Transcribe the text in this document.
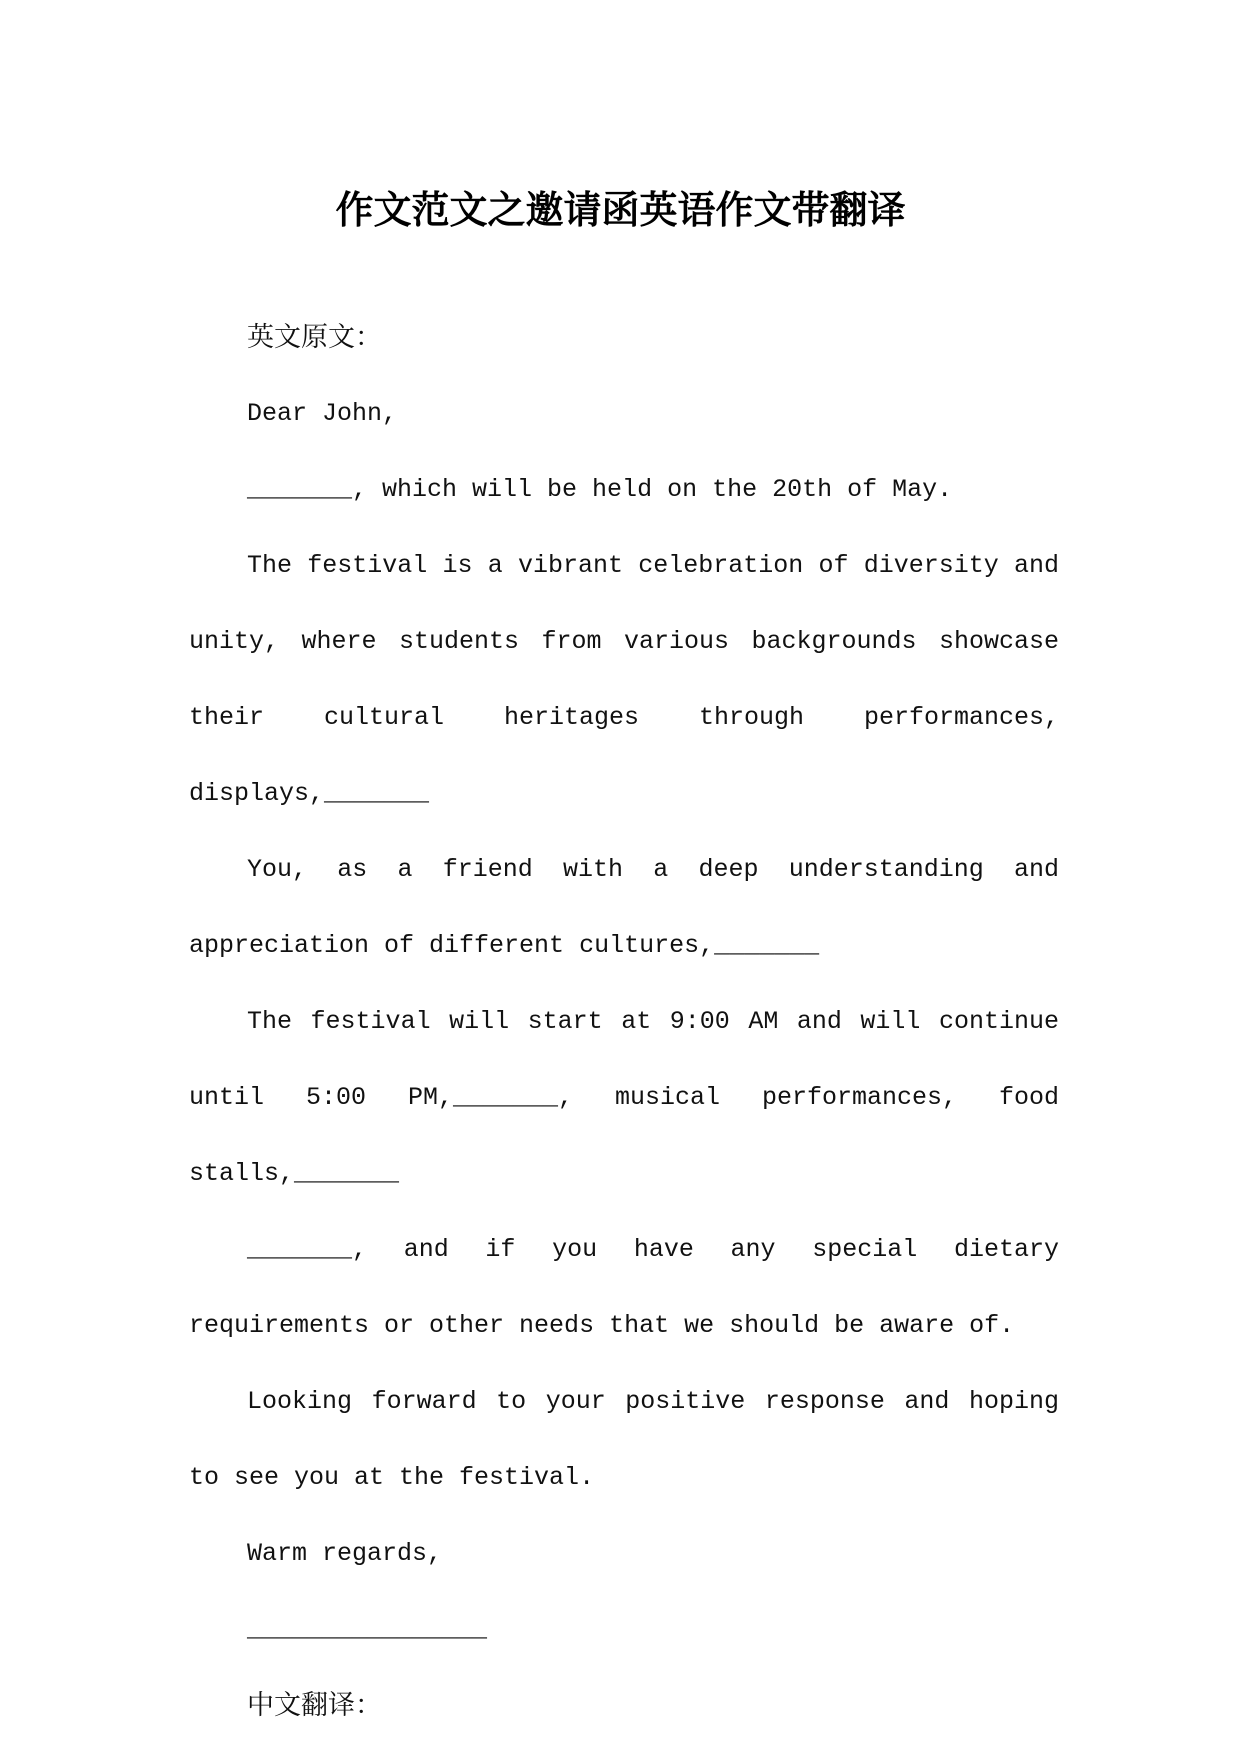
作文范文之邀请函英语作文带翻译

英文原文：

Dear John,

_______, which will be held on the 20th of May.

The festival is a vibrant celebration of diversity and unity, where students from various backgrounds showcase their cultural heritages through performances, displays,_______

You, as a friend with a deep understanding and appreciation of different cultures,_______

The festival will start at 9:00 AM and will continue until 5:00 PM,_______, musical performances, food stalls,_______

_______, and if you have any special dietary requirements or other needs that we should be aware of.

Looking forward to your positive response and hoping to see you at the festival.

Warm regards,

________________

中文翻译：
